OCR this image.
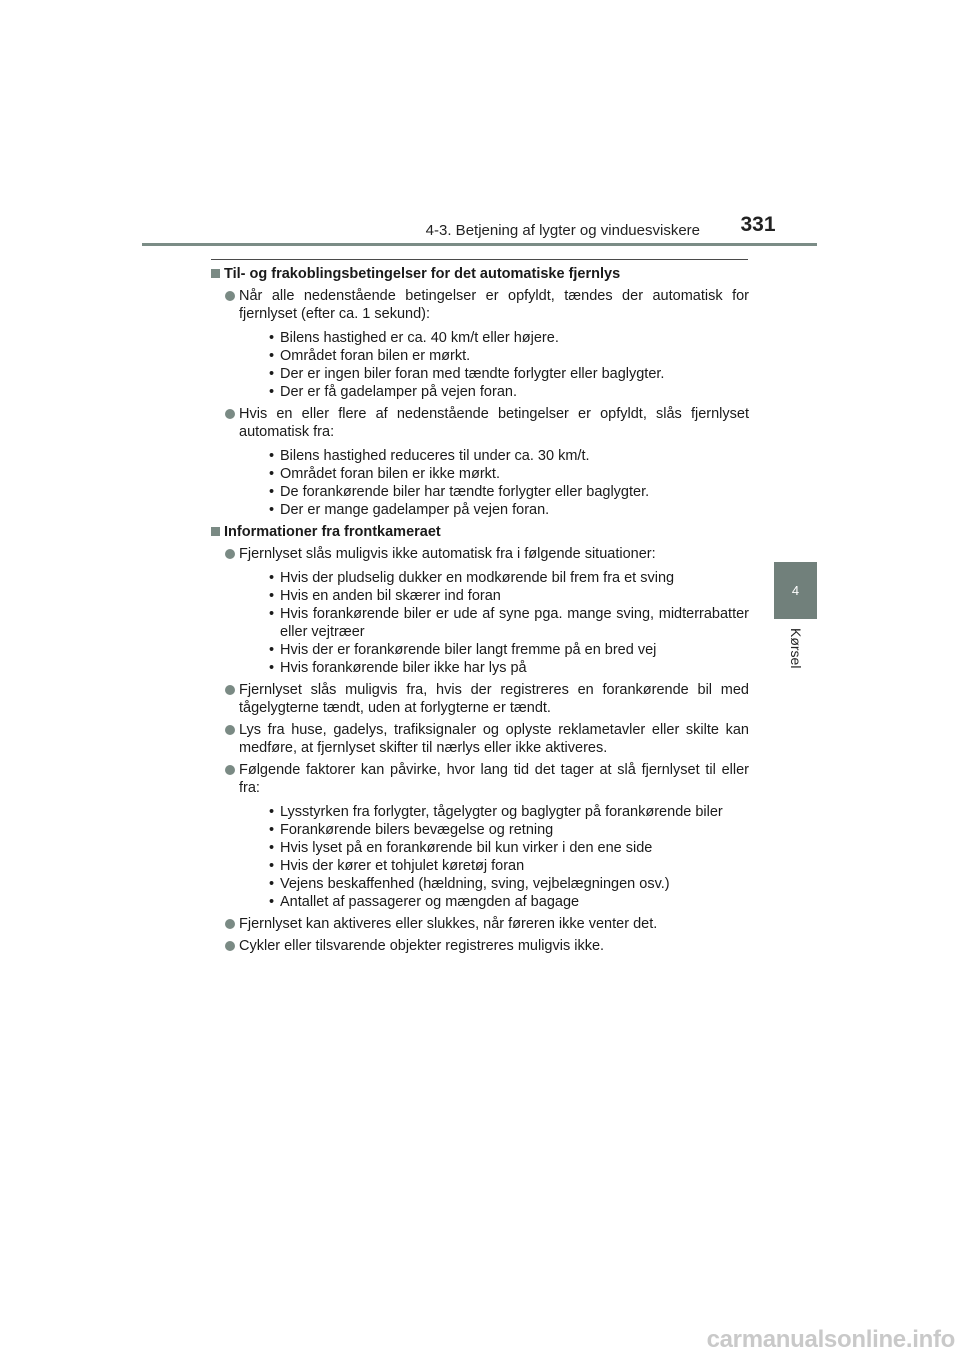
4-3. Betjening af lygter og vinduesviskere	331
4
Kørsel
Til- og frakoblingsbetingelser for det automatiske fjernlys
Når alle nedenstående betingelser er opfyldt, tændes der automatisk for fjernlyset (efter ca. 1 sekund):
• Bilens hastighed er ca. 40 km/t eller højere.
• Området foran bilen er mørkt.
• Der er ingen biler foran med tændte forlygter eller baglygter.
• Der er få gadelamper på vejen foran.
Hvis en eller flere af nedenstående betingelser er opfyldt, slås fjernlyset automatisk fra:
• Bilens hastighed reduceres til under ca. 30 km/t.
• Området foran bilen er ikke mørkt.
• De forankørende biler har tændte forlygter eller baglygter.
• Der er mange gadelamper på vejen foran.
Informationer fra frontkameraet
Fjernlyset slås muligvis ikke automatisk fra i følgende situationer:
• Hvis der pludselig dukker en modkørende bil frem fra et sving
• Hvis en anden bil skærer ind foran
• Hvis forankørende biler er ude af syne pga. mange sving, midterrabatter eller vejtræer
• Hvis der er forankørende biler langt fremme på en bred vej
• Hvis forankørende biler ikke har lys på
Fjernlyset slås muligvis fra, hvis der registreres en forankørende bil med tågelygterne tændt, uden at forlygterne er tændt.
Lys fra huse, gadelys, trafiksignaler og oplyste reklametavler eller skilte kan medføre, at fjernlyset skifter til nærlys eller ikke aktiveres.
Følgende faktorer kan påvirke, hvor lang tid det tager at slå fjernlyset til eller fra:
• Lysstyrken fra forlygter, tågelygter og baglygter på forankørende biler
• Forankørende bilers bevægelse og retning
• Hvis lyset på en forankørende bil kun virker i den ene side
• Hvis der kører et tohjulet køretøj foran
• Vejens beskaffenhed (hældning, sving, vejbelægningen osv.)
• Antallet af passagerer og mængden af bagage
Fjernlyset kan aktiveres eller slukkes, når føreren ikke venter det.
Cykler eller tilsvarende objekter registreres muligvis ikke.
carmanualsonline.info
